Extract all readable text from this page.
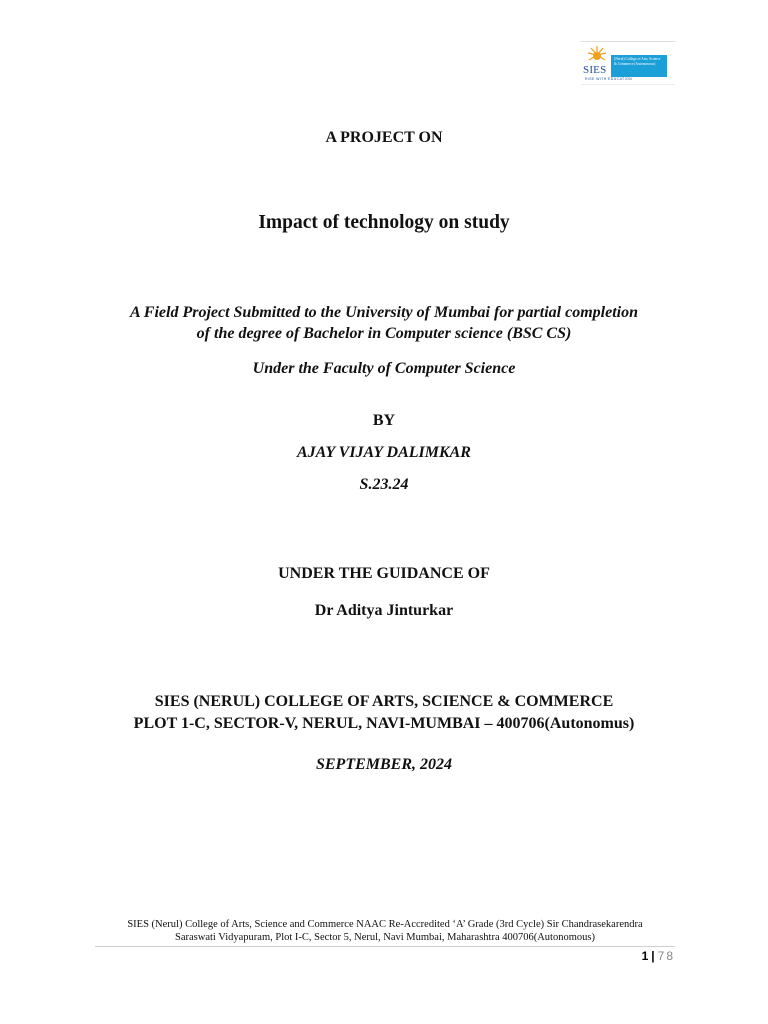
SIES
(Nerul) College of Arts, Science & Commerce (Autonomous)
RISE WITH EDUCATION
A PROJECT ON
Impact of technology on study
A Field Project Submitted to the University of Mumbai for partial completion
of the degree of Bachelor in Computer science (BSC CS)
Under the Faculty of Computer Science
BY
AJAY VIJAY DALIMKAR
S.23.24
UNDER THE GUIDANCE OF
Dr Aditya Jinturkar
SIES (NERUL) COLLEGE OF ARTS, SCIENCE & COMMERCE
PLOT 1-C, SECTOR-V, NERUL, NAVI-MUMBAI – 400706(Autonomus)
SEPTEMBER, 2024
SIES (Nerul) College of Arts, Science and Commerce NAAC Re-Accredited ‘A’ Grade (3rd Cycle) Sir Chandrasekarendra
Saraswati Vidyapuram, Plot I-C, Sector 5, Nerul, Navi Mumbai, Maharashtra 400706(Autonomous)
1 | 78
